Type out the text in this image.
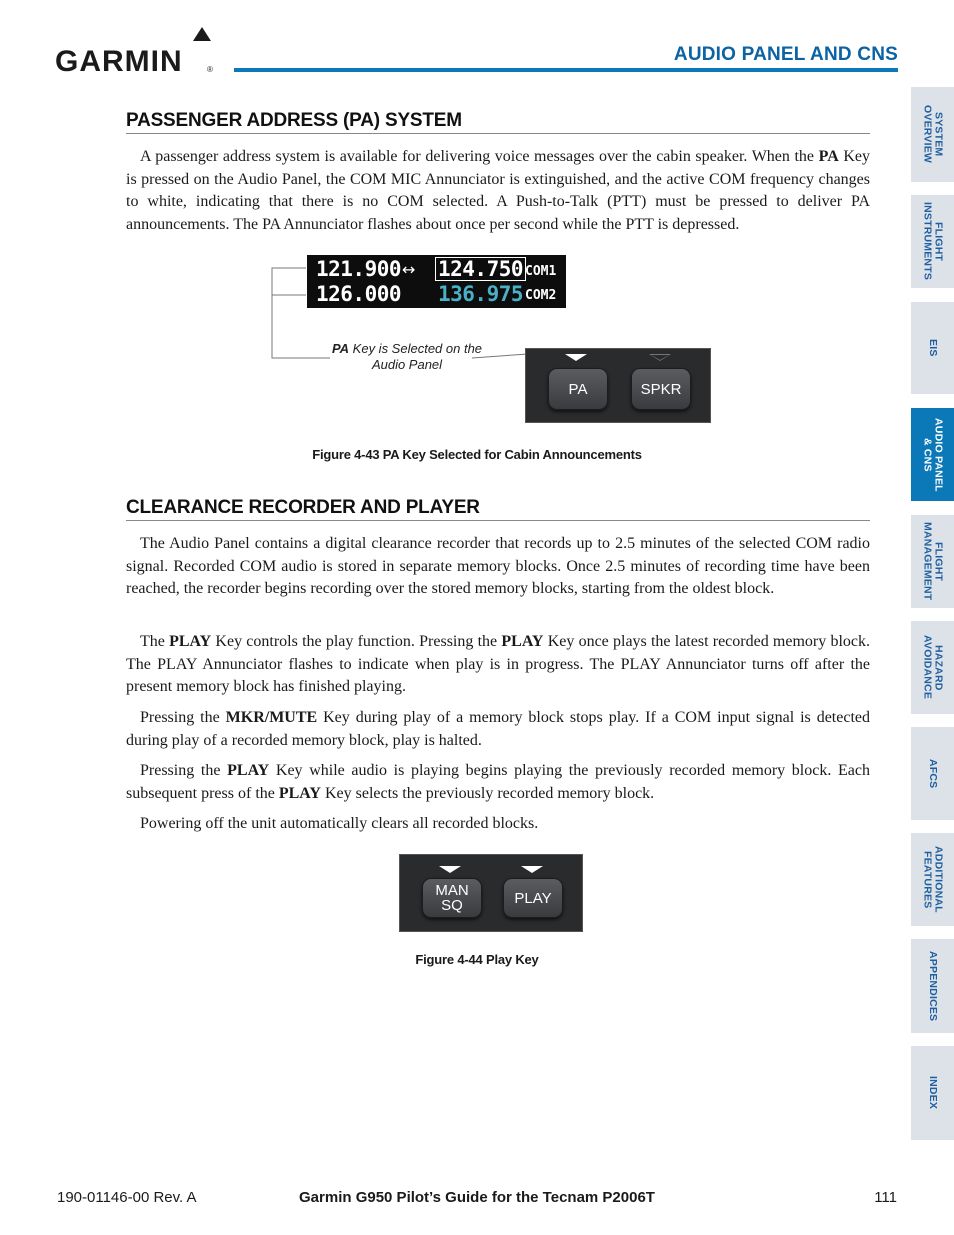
GARMIN	®
AUDIO PANEL AND CNS
PASSENGER ADDRESS (PA) SYSTEM
A passenger address system is available for delivering voice messages over the cabin speaker. When the PA Key is pressed on the Audio Panel, the COM MIC Annunciator is extinguished, and the active COM frequency changes to white, indicating that there is no COM selected. A Push-to-Talk (PTT) must be pressed to deliver PA announcements. The PA Annunciator flashes about once per second while the PTT is depressed.
121.900 ↔ 124.750 COM1
126.000 136.975 COM2
PA Key is Selected on the Audio Panel
PA	SPKR
Figure 4-43 PA Key Selected for Cabin Announcements
CLEARANCE RECORDER AND PLAYER
The Audio Panel contains a digital clearance recorder that records up to 2.5 minutes of the selected COM radio signal. Recorded COM audio is stored in separate memory blocks. Once 2.5 minutes of recording time have been reached, the recorder begins recording over the stored memory blocks, starting from the oldest block.
The PLAY Key controls the play function. Pressing the PLAY Key once plays the latest recorded memory block. The PLAY Annunciator flashes to indicate when play is in progress. The PLAY Annunciator turns off after the present memory block has finished playing.
Pressing the MKR/MUTE Key during play of a memory block stops play. If a COM input signal is detected during play of a recorded memory block, play is halted.
Pressing the PLAY Key while audio is playing begins playing the previously recorded memory block. Each subsequent press of the PLAY Key selects the previously recorded memory block.
Powering off the unit automatically clears all recorded blocks.
MAN
SQ	PLAY
Figure 4-44 Play Key
SYSTEM
OVERVIEW
FLIGHT
INSTRUMENTS
EIS
AUDIO PANEL
& CNS
FLIGHT
MANAGEMENT
HAZARD
AVOIDANCE
AFCS
ADDITIONAL
FEATURES
APPENDICES
INDEX
190-01146-00 Rev. A	Garmin G950 Pilot’s Guide for the Tecnam P2006T	111
